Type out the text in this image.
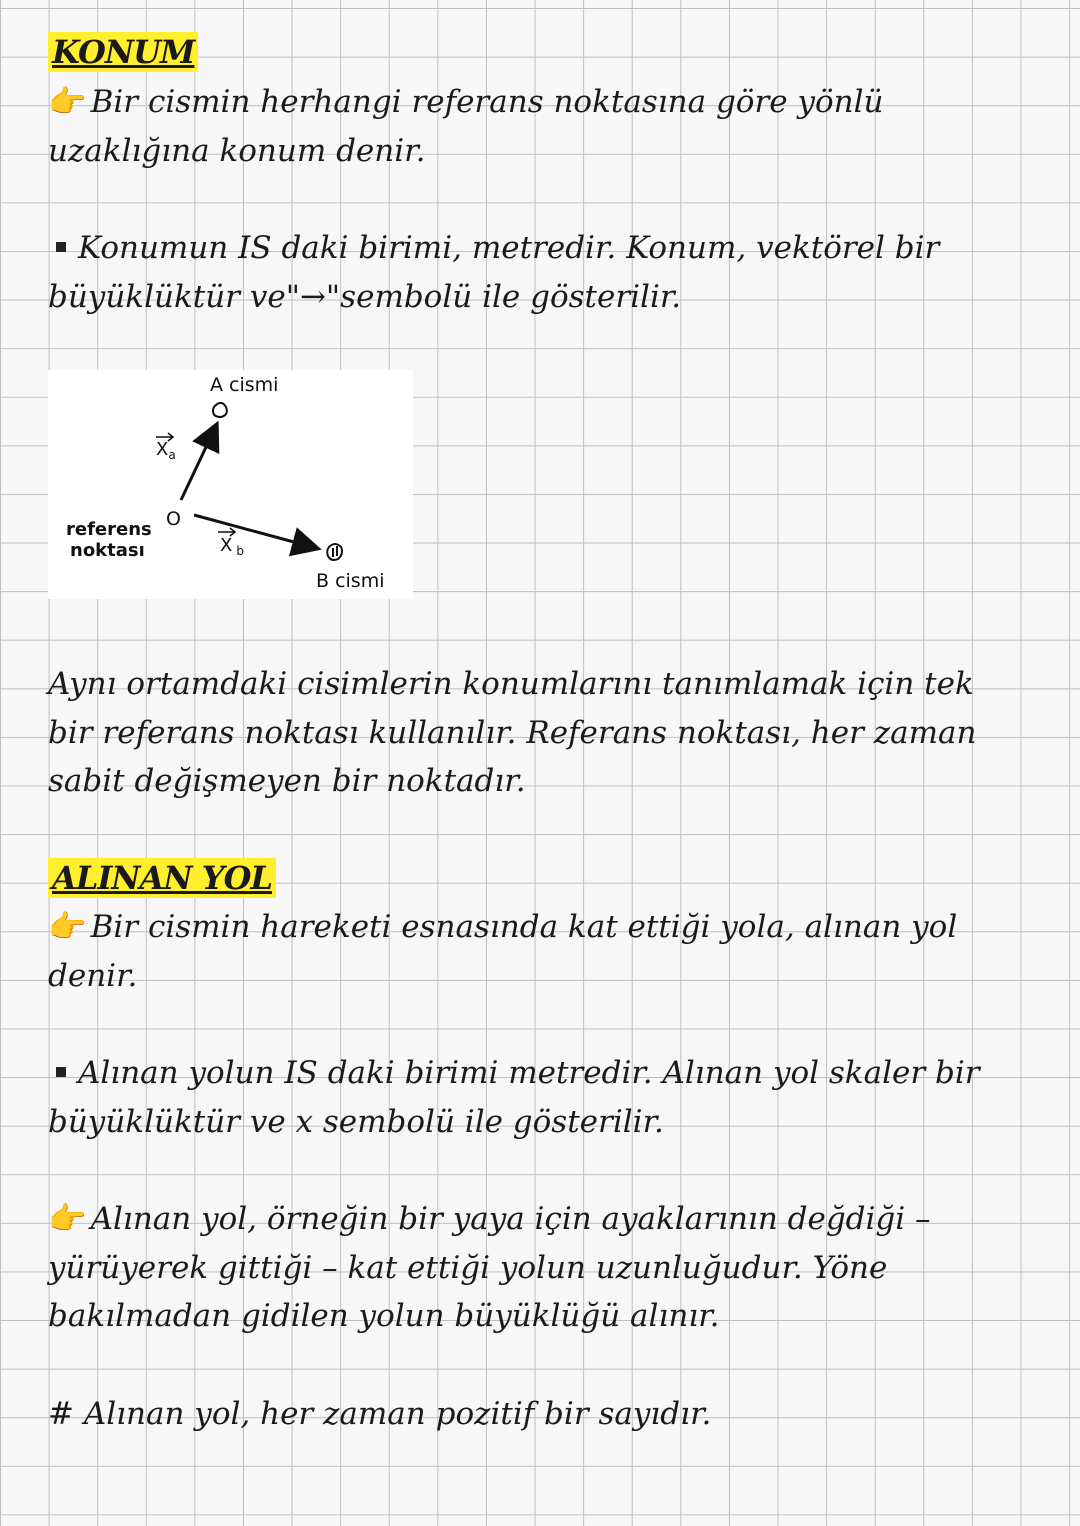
KONUM

👉 Bir cismin herhangi referans noktasına göre yönlü
uzaklığına konum denir.

Konumun IS daki birimi, metredir. Konum, vektörel bir
büyüklüktür ve"→"sembolü ile gösterilir.

A cismi
$X_a$
O
referens
noktası	X $_b$
B cismi

Aynı ortamdaki cisimlerin konumlarını tanımlamak için tek
bir referans noktası kullanılır. Referans noktası, her zaman
sabit değişmeyen bir noktadır.

ALINAN YOL

👉 Bir cismin hareketi esnasında kat ettiği yola, alınan yol
denir.

Alınan yolun IS daki birimi metredir. Alınan yol skaler bir
büyüklüktür ve x sembolü ile gösterilir.

👉 Alınan yol, örneğin bir yaya için ayaklarının değdiği –
yürüyerek gittiği – kat ettiği yolun uzunluğudur. Yöne
bakılmadan gidilen yolun büyüklüğü alınır.

# Alınan yol, her zaman pozitif bir sayıdır.
